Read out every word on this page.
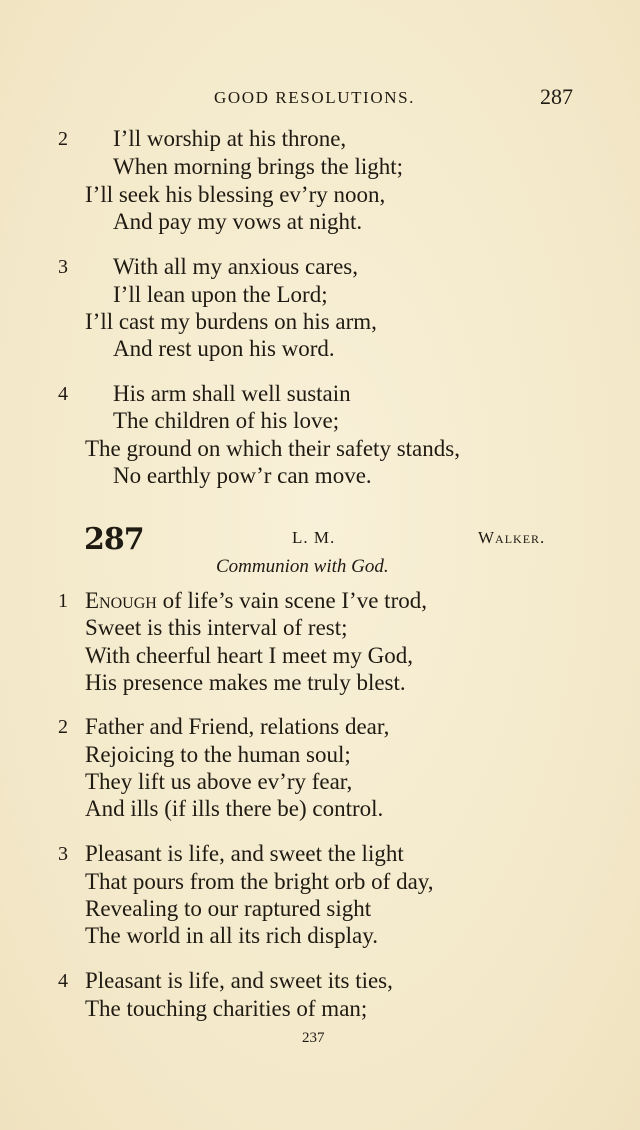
GOOD RESOLUTIONS.	287
2 I’ll worship at his throne,
When morning brings the light;
I’ll seek his blessing ev’ry noon,
And pay my vows at night.
3 With all my anxious cares,
I’ll lean upon the Lord;
I’ll cast my burdens on his arm,
And rest upon his word.
4 His arm shall well sustain
The children of his love;
The ground on which their safety stands,
No earthly pow’r can move.
287	L. M.	Walker.
Communion with God.
1 Enough of life’s vain scene I’ve trod,
Sweet is this interval of rest;
With cheerful heart I meet my God,
His presence makes me truly blest.
2 Father and Friend, relations dear,
Rejoicing to the human soul;
They lift us above ev’ry fear,
And ills (if ills there be) control.
3 Pleasant is life, and sweet the light
That pours from the bright orb of day,
Revealing to our raptured sight
The world in all its rich display.
4 Pleasant is life, and sweet its ties,
The touching charities of man;
237
